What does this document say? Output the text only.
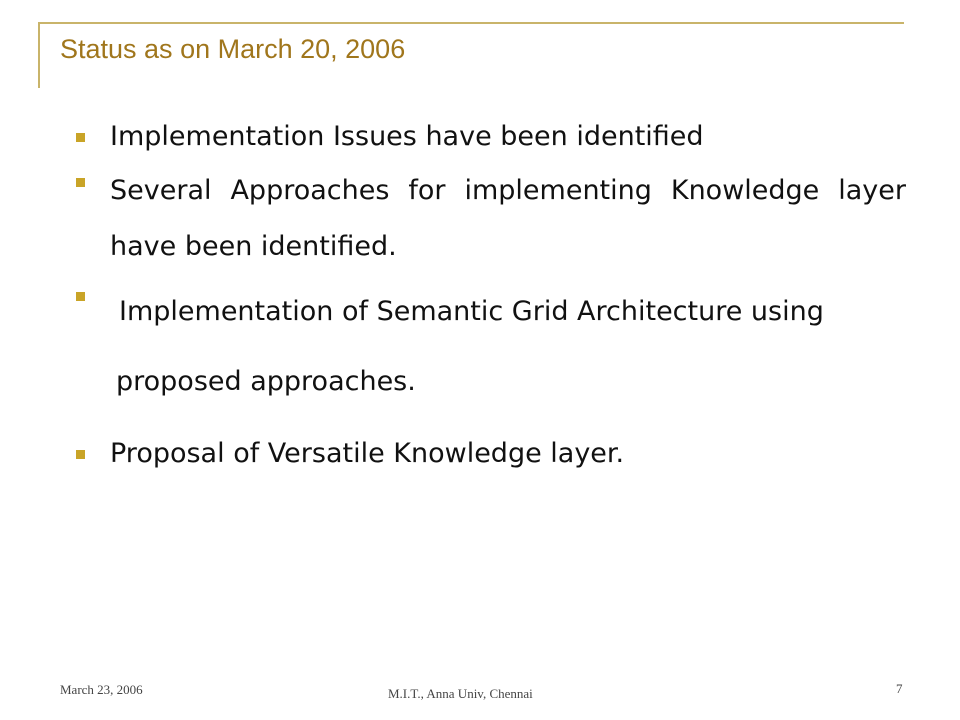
Status as on March 20, 2006
Implementation Issues have been identified
Several Approaches for implementing Knowledge layer have been identified.
Implementation of Semantic Grid Architecture using
proposed approaches.
Proposal of Versatile Knowledge layer.
March 23, 2006	M.I.T., Anna Univ, Chennai	7
